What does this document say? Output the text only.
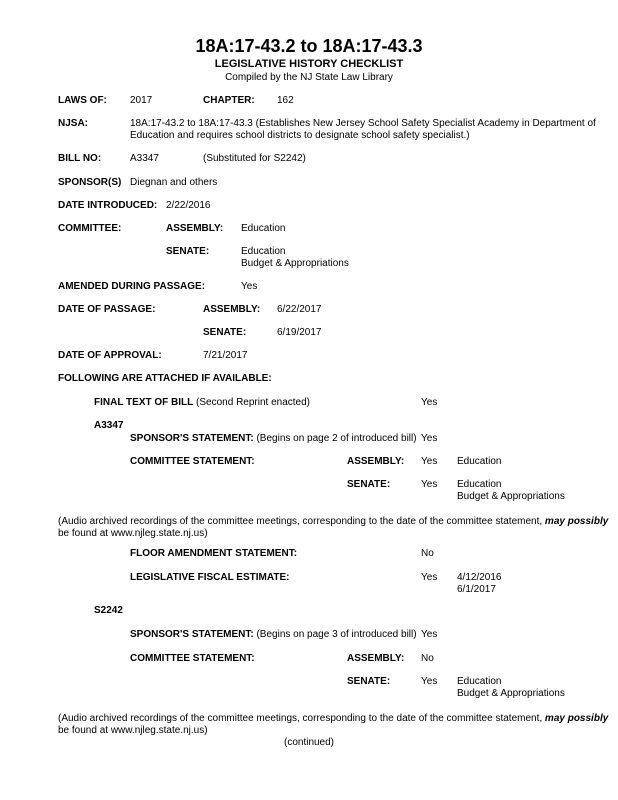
18A:17-43.2 to 18A:17-43.3
LEGISLATIVE HISTORY CHECKLIST
Compiled by the NJ State Law Library
LAWS OF: 2017	CHAPTER: 162
NJSA:	18A:17-43.2 to 18A:17-43.3 (Establishes New Jersey School Safety Specialist Academy in Department of
Education and requires school districts to designate school safety specialist.)
BILL NO:	A3347	(Substituted for S2242)
SPONSOR(S) Diegnan and others
DATE INTRODUCED: 2/22/2016
COMMITTEE:	ASSEMBLY: Education
SENATE:	Education
Budget & Appropriations
AMENDED DURING PASSAGE:	Yes
DATE OF PASSAGE:	ASSEMBLY: 6/22/2017
SENATE:	6/19/2017
DATE OF APPROVAL:	7/21/2017
FOLLOWING ARE ATTACHED IF AVAILABLE:
FINAL TEXT OF BILL (Second Reprint enacted)	Yes
A3347
SPONSOR'S STATEMENT: (Begins on page 2 of introduced bill) Yes
COMMITTEE STATEMENT:	ASSEMBLY: Yes Education
SENATE:	Yes Education
Budget & Appropriations
(Audio archived recordings of the committee meetings, corresponding to the date of the committee statement, may possibly
be found at www.njleg.state.nj.us)
FLOOR AMENDMENT STATEMENT:	No
LEGISLATIVE FISCAL ESTIMATE:	Yes 4/12/2016
6/1/2017
S2242
SPONSOR'S STATEMENT: (Begins on page 3 of introduced bill) Yes
COMMITTEE STATEMENT:	ASSEMBLY: No
SENATE:	Yes Education
Budget & Appropriations
(Audio archived recordings of the committee meetings, corresponding to the date of the committee statement, may possibly
be found at www.njleg.state.nj.us)
(continued)
